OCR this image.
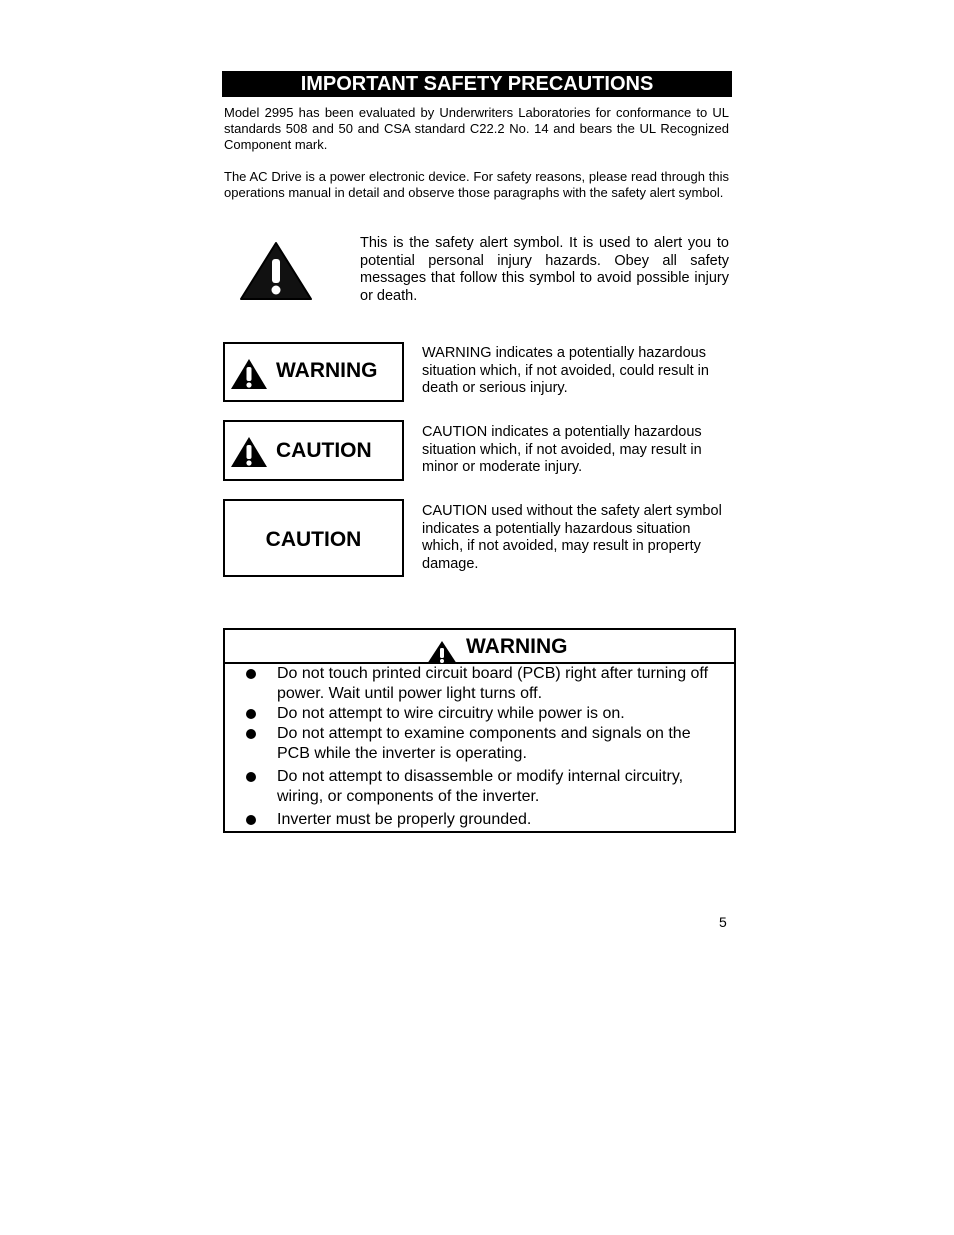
IMPORTANT SAFETY PRECAUTIONS
Model 2995 has been evaluated by Underwriters Laboratories for conformance to UL standards 508 and 50 and CSA standard C22.2 No. 14 and bears the UL Recognized Component mark.
The AC Drive is a power electronic device. For safety reasons, please read through this operations manual in detail and observe those paragraphs with the safety alert symbol.
This is the safety alert symbol. It is used to alert you to potential personal injury hazards. Obey all safety messages that follow this symbol to avoid possible injury or death.
WARNING
WARNING indicates a potentially hazardous situation which, if not avoided, could result in death or serious injury.
CAUTION
CAUTION indicates a potentially hazardous situation which, if not avoided, may result in minor or moderate injury.
CAUTION
CAUTION used without the safety alert symbol indicates a potentially hazardous situation which, if not avoided, may result in property damage.
WARNING
Do not touch printed circuit board (PCB) right after turning off power. Wait until power light turns off.
Do not attempt to wire circuitry while power is on.
Do not attempt to examine components and signals on the PCB while the inverter is operating.
Do not attempt to disassemble or modify internal circuitry, wiring, or components of the inverter.
Inverter must be properly grounded.
5
